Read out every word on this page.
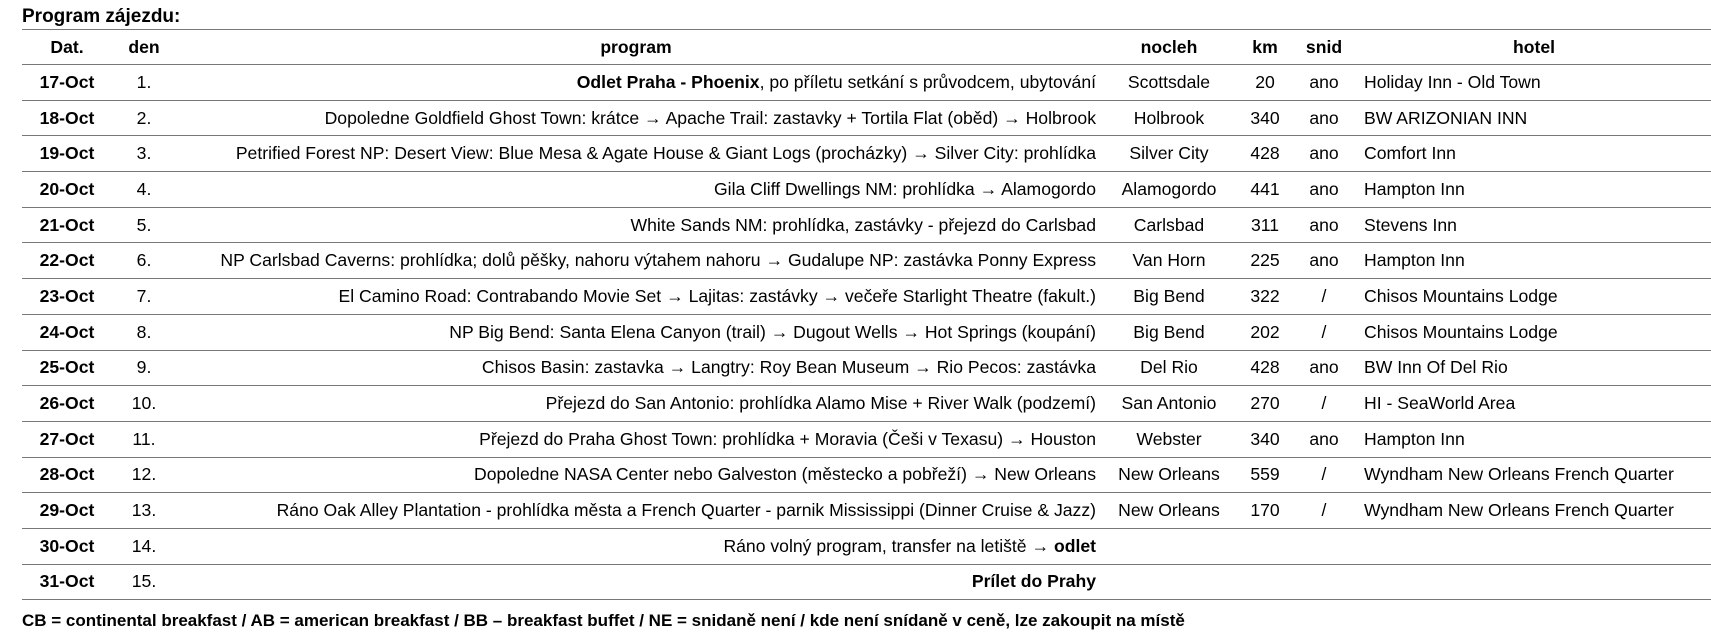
Program zájezdu:
Dat.	den	program	nocleh	km	snid	hotel
17-Oct	1.	Odlet Praha - Phoenix, po příletu setkání s průvodcem, ubytování	Scottsdale	20	ano	Holiday Inn - Old Town
18-Oct	2.	Dopoledne Goldfield Ghost Town: krátce → Apache Trail: zastavky + Tortila Flat (oběd) → Holbrook	Holbrook	340	ano	BW ARIZONIAN INN
19-Oct	3.	Petrified Forest NP: Desert View: Blue Mesa & Agate House & Giant Logs (procházky) → Silver City: prohlídka	Silver City	428	ano	Comfort Inn
20-Oct	4.	Gila Cliff Dwellings NM: prohlídka → Alamogordo	Alamogordo	441	ano	Hampton Inn
21-Oct	5.	White Sands NM: prohlídka, zastávky - přejezd do Carlsbad	Carlsbad	311	ano	Stevens Inn
22-Oct	6.	NP Carlsbad Caverns: prohlídka; dolů pěšky, nahoru výtahem nahoru → Gudalupe NP: zastávka Ponny Express	Van Horn	225	ano	Hampton Inn
23-Oct	7.	El Camino Road: Contrabando Movie Set → Lajitas: zastávky → večeře Starlight Theatre (fakult.)	Big Bend	322	/	Chisos Mountains Lodge
24-Oct	8.	NP Big Bend: Santa Elena Canyon (trail) → Dugout Wells → Hot Springs (koupání)	Big Bend	202	/	Chisos Mountains Lodge
25-Oct	9.	Chisos Basin: zastavka → Langtry: Roy Bean Museum → Rio Pecos: zastávka	Del Rio	428	ano	BW Inn Of Del Rio
26-Oct	10.	Přejezd do San Antonio: prohlídka Alamo Mise + River Walk (podzemí)	San Antonio	270	/	HI - SeaWorld Area
27-Oct	11.	Přejezd do Praha Ghost Town: prohlídka + Moravia (Češi v Texasu) → Houston	Webster	340	ano	Hampton Inn
28-Oct	12.	Dopoledne NASA Center nebo Galveston (městecko a pobřeží) → New Orleans	New Orleans	559	/	Wyndham New Orleans French Quarter
29-Oct	13.	Ráno Oak Alley Plantation - prohlídka města a French Quarter - parnik Mississippi (Dinner Cruise & Jazz)	New Orleans	170	/	Wyndham New Orleans French Quarter
30-Oct	14.	Ráno volný program, transfer na letiště → odlet				
31-Oct	15.	Prílet do Prahy				
CB = continental breakfast / AB = american breakfast / BB – breakfast buffet / NE = snidaně není / kde není snídaně v ceně, lze zakoupit na místě
